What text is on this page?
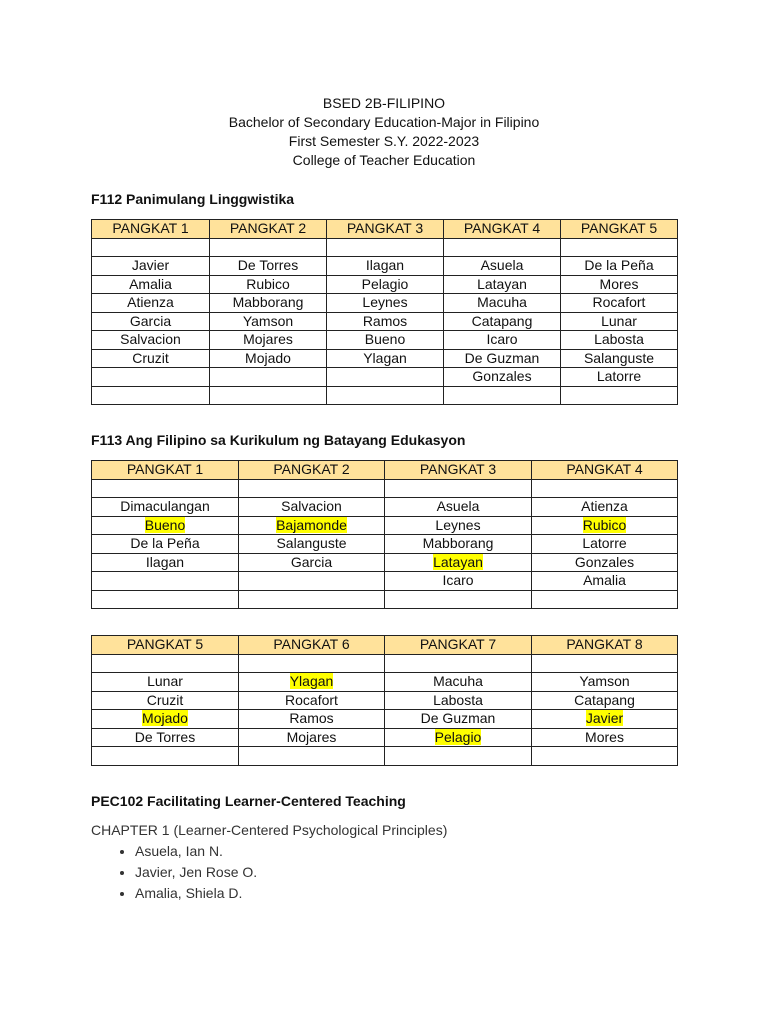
BSED 2B-FILIPINO
Bachelor of Secondary Education-Major in Filipino
First Semester S.Y. 2022-2023
College of Teacher Education
F112 Panimulang Linggwistika
PANGKAT 1	PANGKAT 2	PANGKAT 3	PANGKAT 4	PANGKAT 5

Javier	De Torres	Ilagan	Asuela	De la Peña
Amalia	Rubico	Pelagio	Latayan	Mores
Atienza	Mabborang	Leynes	Macuha	Rocafort
Garcia	Yamson	Ramos	Catapang	Lunar
Salvacion	Mojares	Bueno	Icaro	Labosta
Cruzit	Mojado	Ylagan	De Guzman	Salanguste
			Gonzales	Latorre

F113 Ang Filipino sa Kurikulum ng Batayang Edukasyon
PANGKAT 1	PANGKAT 2	PANGKAT 3	PANGKAT 4

Dimaculangan	Salvacion	Asuela	Atienza
Bueno	Bajamonde	Leynes	Rubico
De la Peña	Salanguste	Mabborang	Latorre
Ilagan	Garcia	Latayan	Gonzales
		Icaro	Amalia

PANGKAT 5	PANGKAT 6	PANGKAT 7	PANGKAT 8

Lunar	Ylagan	Macuha	Yamson
Cruzit	Rocafort	Labosta	Catapang
Mojado	Ramos	De Guzman	Javier
De Torres	Mojares	Pelagio	Mores

PEC102 Facilitating Learner-Centered Teaching
CHAPTER 1 (Learner-Centered Psychological Principles)
• Asuela, Ian N.
• Javier, Jen Rose O.
• Amalia, Shiela D.
